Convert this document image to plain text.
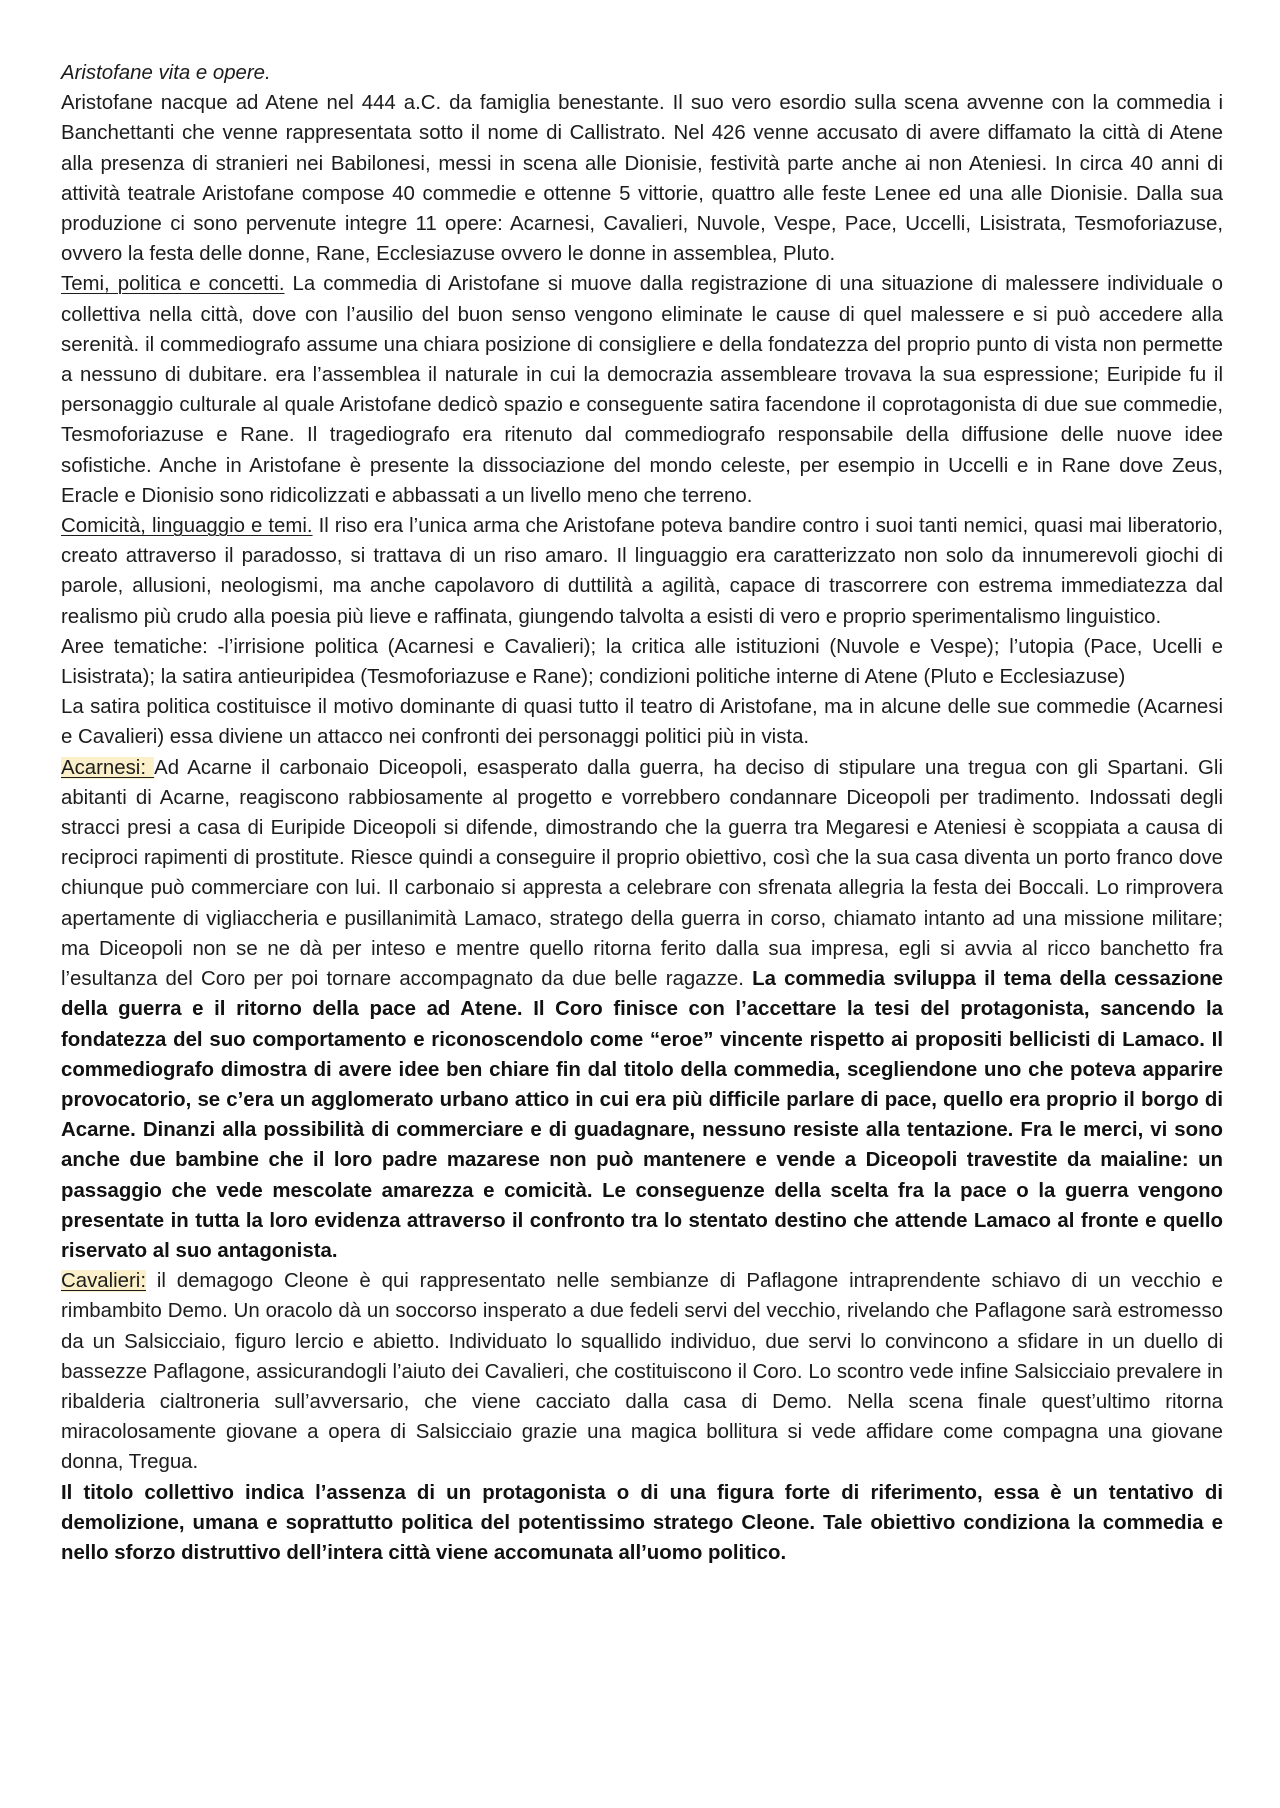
Aristofane vita e opere.

Aristofane nacque ad Atene nel 444 a.C. da famiglia benestante. Il suo vero esordio sulla scena avvenne con la commedia i Banchettanti che venne rappresentata sotto il nome di Callistrato. Nel 426 venne accusato di avere diffamato la città di Atene alla presenza di stranieri nei Babilonesi, messi in scena alle Dionisie, festività parte anche ai non Ateniesi. In circa 40 anni di attività teatrale Aristofane compose 40 commedie e ottenne 5 vittorie, quattro alle feste Lenee ed una alle Dionisie. Dalla sua produzione ci sono pervenute integre 11 opere: Acarnesi, Cavalieri, Nuvole, Vespe, Pace, Uccelli, Lisistrata, Tesmoforiazuse, ovvero la festa delle donne, Rane, Ecclesiazuse ovvero le donne in assemblea, Pluto.

Temi, politica e concetti. La commedia di Aristofane si muove dalla registrazione di una situazione di malessere individuale o collettiva nella città, dove con l’ausilio del buon senso vengono eliminate le cause di quel malessere e si può accedere alla serenità. il commediografo assume una chiara posizione di consigliere e della fondatezza del proprio punto di vista non permette a nessuno di dubitare. era l’assemblea il naturale in cui la democrazia assembleare trovava la sua espressione; Euripide fu il personaggio culturale al quale Aristofane dedicò spazio e conseguente satira facendone il coprotagonista di due sue commedie, Tesmoforiazuse e Rane. Il tragediografo era ritenuto dal commediografo responsabile della diffusione delle nuove idee sofistiche. Anche in Aristofane è presente la dissociazione del mondo celeste, per esempio in Uccelli e in Rane dove Zeus, Eracle e Dionisio sono ridicolizzati e abbassati a un livello meno che terreno.

Comicità, linguaggio e temi. Il riso era l’unica arma che Aristofane poteva bandire contro i suoi tanti nemici, quasi mai liberatorio, creato attraverso il paradosso, si trattava di un riso amaro. Il linguaggio era caratterizzato non solo da innumerevoli giochi di parole, allusioni, neologismi, ma anche capolavoro di duttilità a agilità, capace di trascorrere con estrema immediatezza dal realismo più crudo alla poesia più lieve e raffinata, giungendo talvolta a esisti di vero e proprio sperimentalismo linguistico.

Aree tematiche: -l’irrisione politica (Acarnesi e Cavalieri); la critica alle istituzioni (Nuvole e Vespe); l’utopia (Pace, Ucelli e Lisistrata); la satira antieuripidea (Tesmoforiazuse e Rane); condizioni politiche interne di Atene (Pluto e Ecclesiazuse)

La satira politica costituisce il motivo dominante di quasi tutto il teatro di Aristofane, ma in alcune delle sue commedie (Acarnesi e Cavalieri) essa diviene un attacco nei confronti dei personaggi politici più in vista.

Acarnesi: Ad Acarne il carbonaio Diceopoli, esasperato dalla guerra, ha deciso di stipulare una tregua con gli Spartani. Gli abitanti di Acarne, reagiscono rabbiosamente al progetto e vorrebbero condannare Diceopoli per tradimento. Indossati degli stracci presi a casa di Euripide Diceopoli si difende, dimostrando che la guerra tra Megaresi e Ateniesi è scoppiata a causa di reciproci rapimenti di prostitute. Riesce quindi a conseguire il proprio obiettivo, così che la sua casa diventa un porto franco dove chiunque può commerciare con lui. Il carbonaio si appresta a celebrare con sfrenata allegria la festa dei Boccali. Lo rimprovera apertamente di vigliaccheria e pusillanimità Lamaco, stratego della guerra in corso, chiamato intanto ad una missione militare; ma Diceopoli non se ne dà per inteso e mentre quello ritorna ferito dalla sua impresa, egli si avvia al ricco banchetto fra l’esultanza del Coro per poi tornare accompagnato da due belle ragazze. La commedia sviluppa il tema della cessazione della guerra e il ritorno della pace ad Atene. Il Coro finisce con l’accettare la tesi del protagonista, sancendo la fondatezza del suo comportamento e riconoscendolo come “eroe” vincente rispetto ai propositi bellicisti di Lamaco. Il commediografo dimostra di avere idee ben chiare fin dal titolo della commedia, scegliendone uno che poteva apparire provocatorio, se c’era un agglomerato urbano attico in cui era più difficile parlare di pace, quello era proprio il borgo di Acarne. Dinanzi alla possibilità di commerciare e di guadagnare, nessuno resiste alla tentazione. Fra le merci, vi sono anche due bambine che il loro padre mazarese non può mantenere e vende a Diceopoli travestite da maialine: un passaggio che vede mescolate amarezza e comicità. Le conseguenze della scelta fra la pace o la guerra vengono presentate in tutta la loro evidenza attraverso il confronto tra lo stentato destino che attende Lamaco al fronte e quello riservato al suo antagonista.

Cavalieri: il demagogo Cleone è qui rappresentato nelle sembianze di Paflagone intraprendente schiavo di un vecchio e rimbambito Demo. Un oracolo dà un soccorso insperato a due fedeli servi del vecchio, rivelando che Paflagone sarà estromesso da un Salsicciaio, figuro lercio e abietto. Individuato lo squallido individuo, due servi lo convincono a sfidare in un duello di bassezze Paflagone, assicurandogli l’aiuto dei Cavalieri, che costituiscono il Coro. Lo scontro vede infine Salsicciaio prevalere in ribalderia cialtroneria sull’avversario, che viene cacciato dalla casa di Demo. Nella scena finale quest’ultimo ritorna miracolosamente giovane a opera di Salsicciaio grazie una magica bollitura si vede affidare come compagna una giovane donna, Tregua.

Il titolo collettivo indica l’assenza di un protagonista o di una figura forte di riferimento, essa è un tentativo di demolizione, umana e soprattutto politica del potentissimo stratego Cleone. Tale obiettivo condiziona la commedia e nello sforzo distruttivo dell’intera città viene accomunata all’uomo politico.
